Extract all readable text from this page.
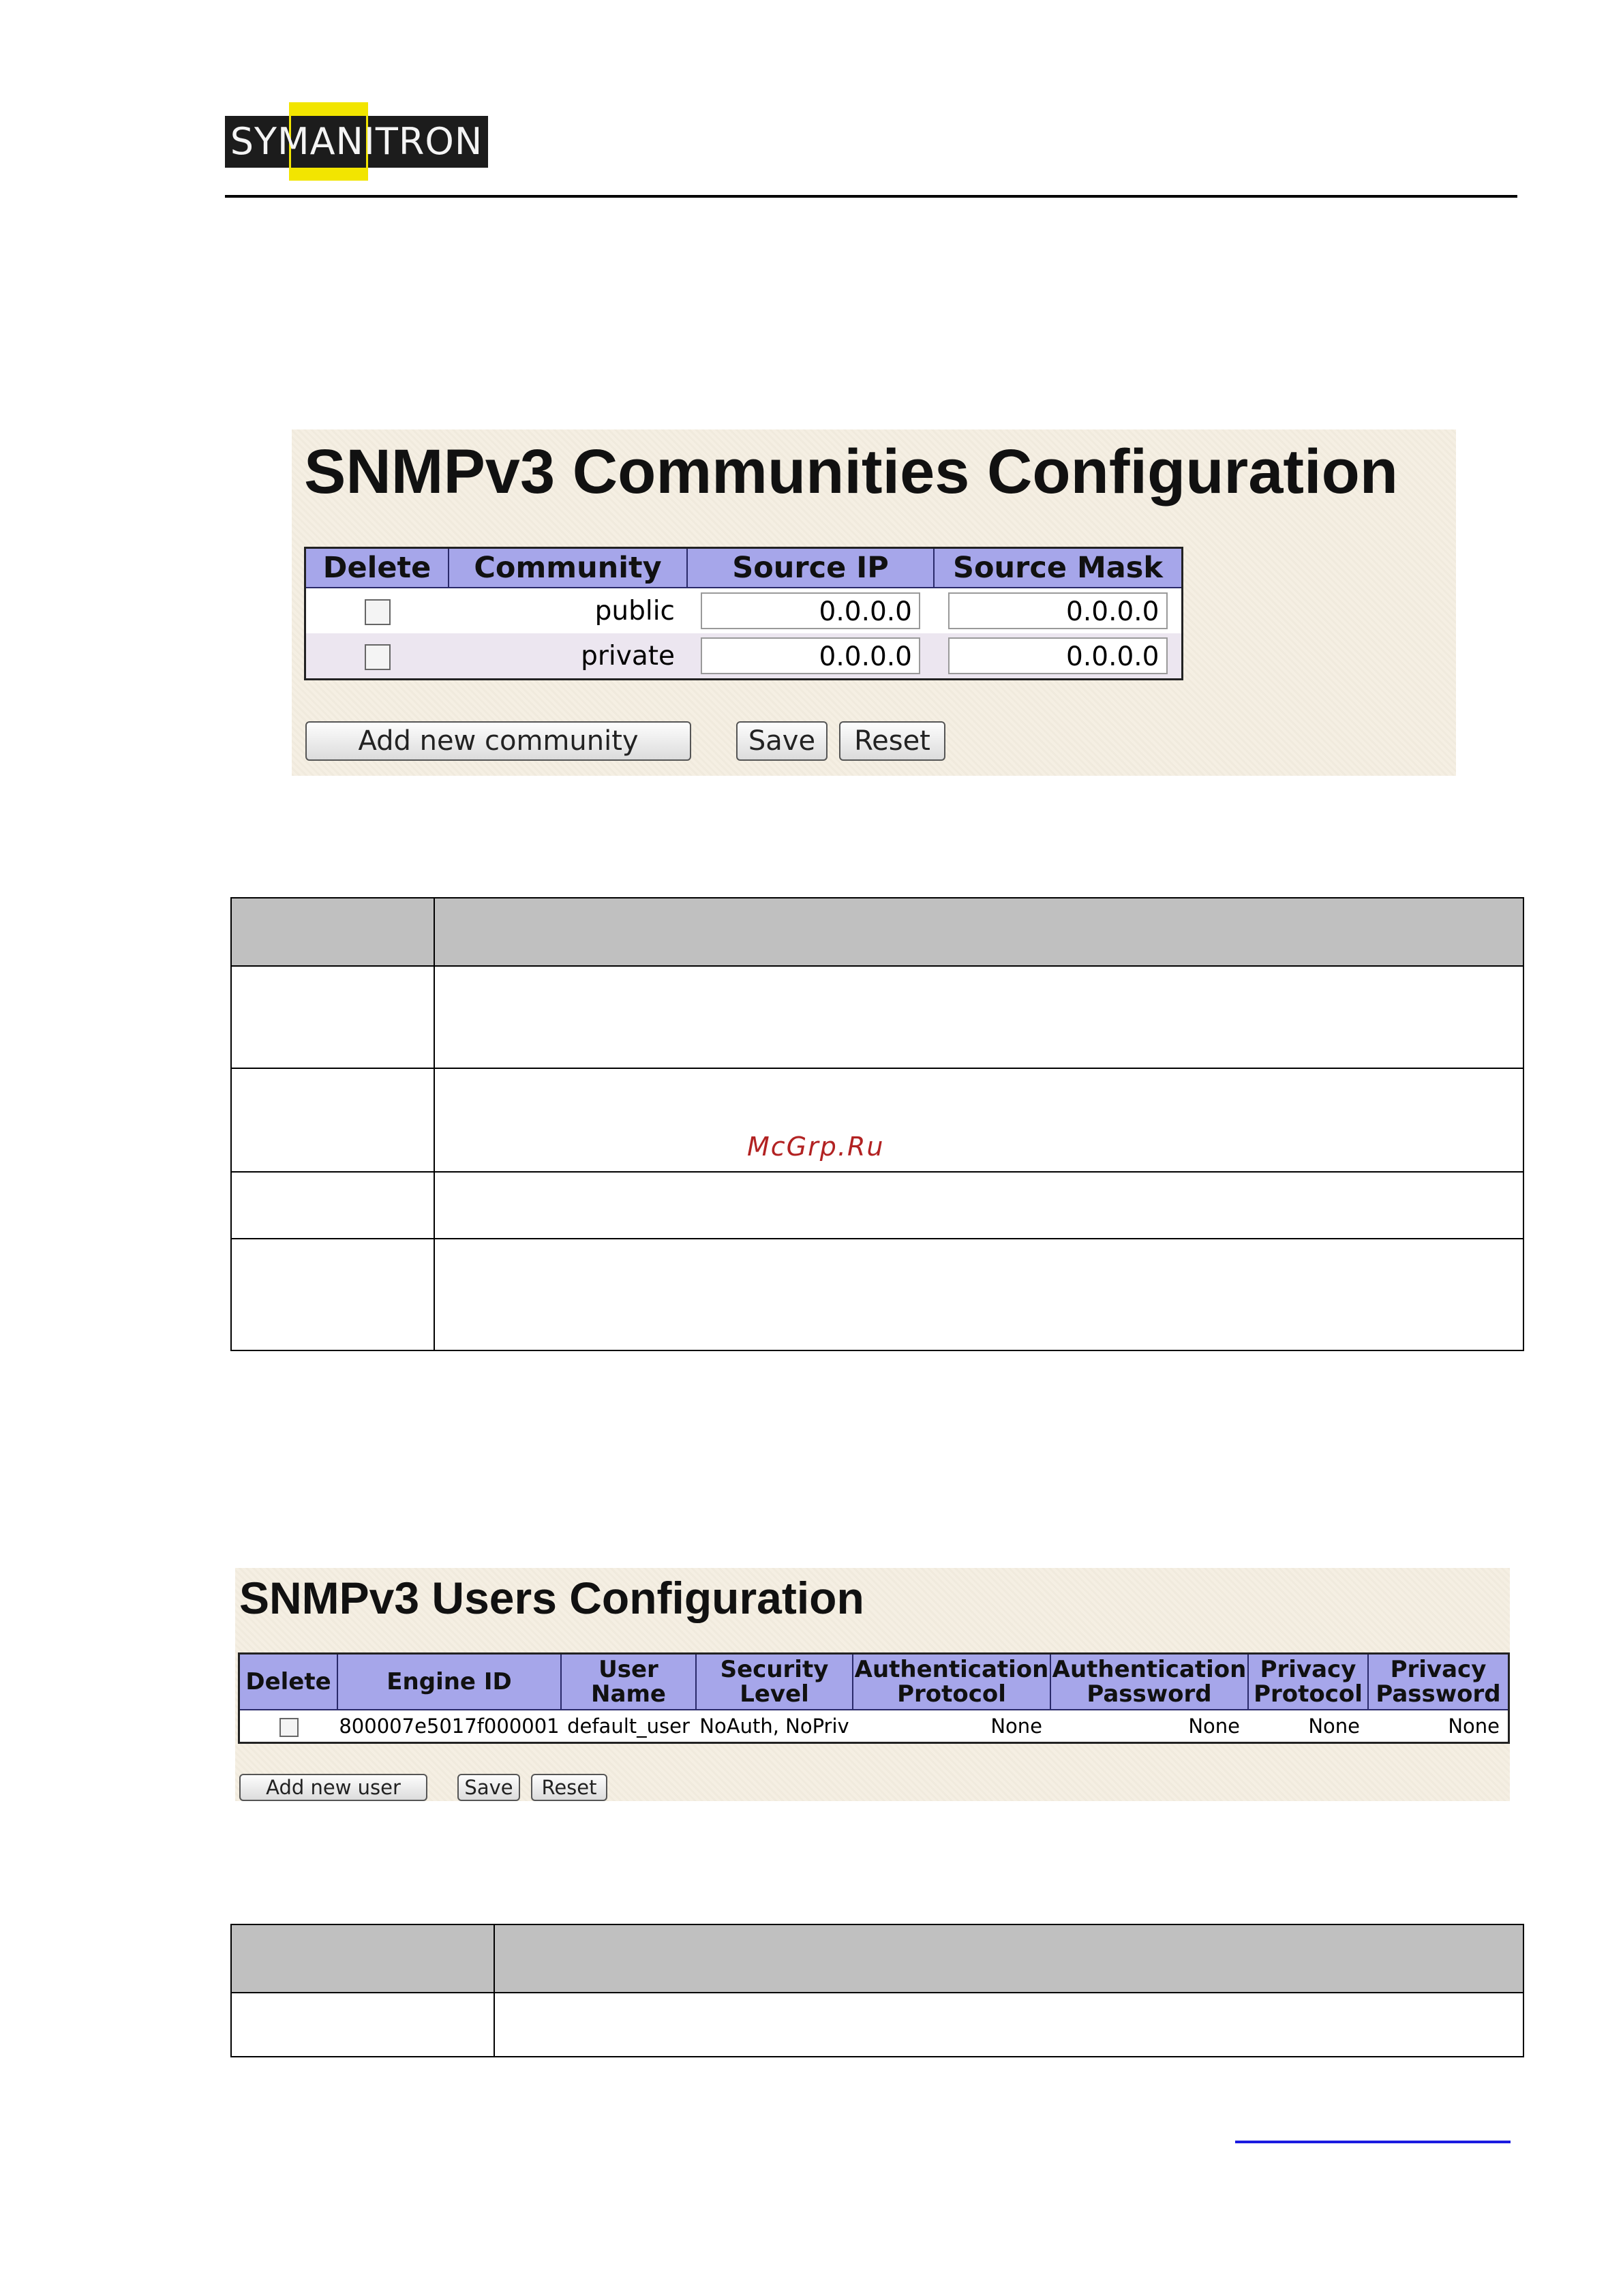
SYMANITRON
SNMPv3 Communities Configuration
Delete	Community	Source IP	Source Mask
	public	0.0.0.0	0.0.0.0
	private	0.0.0.0	0.0.0.0
Add new community	Save	Reset
McGrp.Ru
SNMPv3 Users Configuration
Delete	Engine ID	User Name	Security Level	Authentication Protocol	Authentication Password	Privacy Protocol	Privacy Password
	800007e5017f000001	default_user	NoAuth, NoPriv	None	None	None	None
Add new user	Save	Reset
